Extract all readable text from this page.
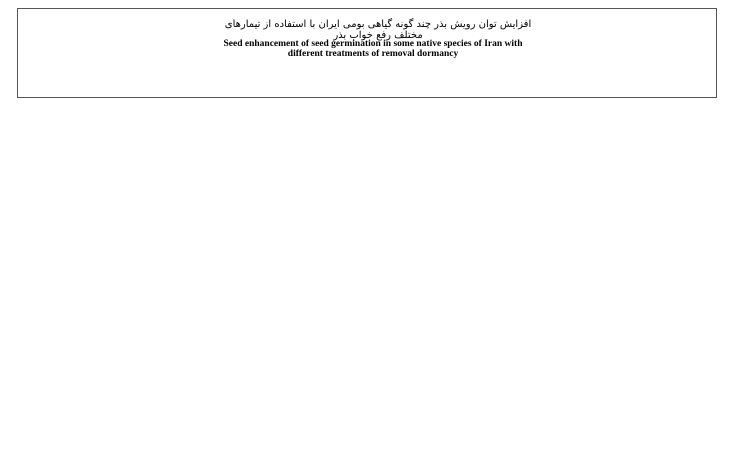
افزایش توان رویش بذر چند گونه گیاهی بومی ایران با استفاده از تیمارهای
مختلف رفع خواب بذر
Seed enhancement of seed germination in some native species of Iran with
different treatments of removal dormancy
